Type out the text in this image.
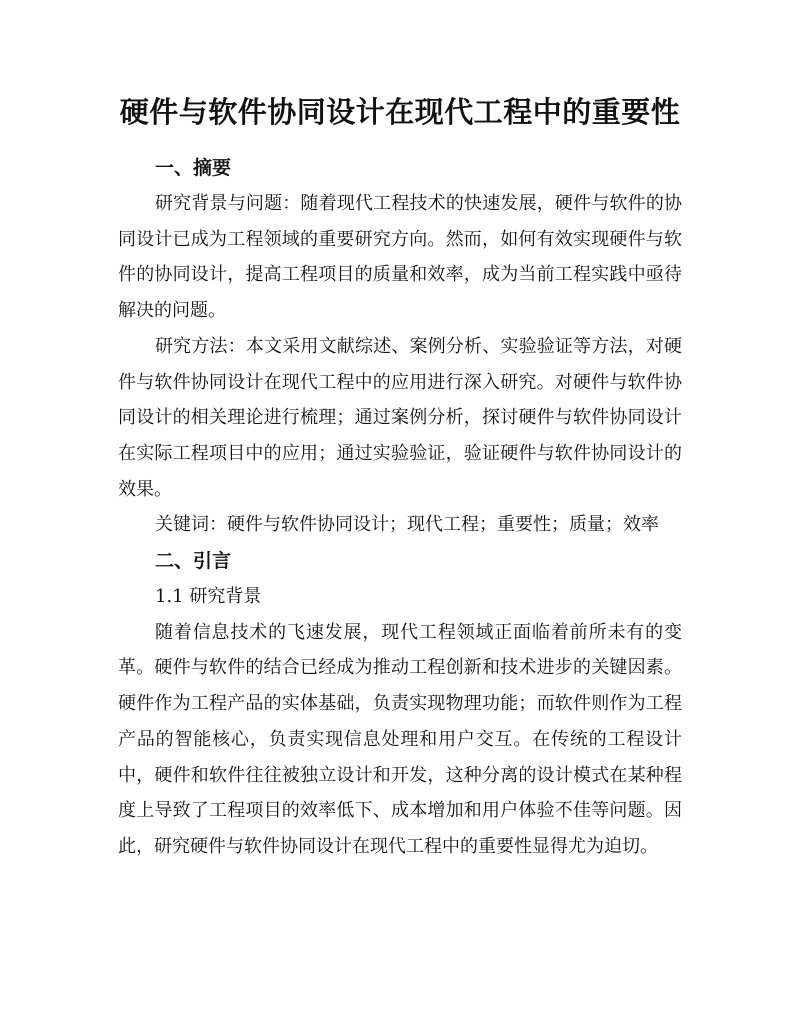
硬件与软件协同设计在现代工程中的重要性
一、摘要

研究背景与问题：随着现代工程技术的快速发展，硬件与软件的协同设计已成为工程领域的重要研究方向。然而，如何有效实现硬件与软件的协同设计，提高工程项目的质量和效率，成为当前工程实践中亟待解决的问题。

研究方法：本文采用文献综述、案例分析、实验验证等方法，对硬件与软件协同设计在现代工程中的应用进行深入研究。对硬件与软件协同设计的相关理论进行梳理；通过案例分析，探讨硬件与软件协同设计在实际工程项目中的应用；通过实验验证，验证硬件与软件协同设计的效果。

关键词：硬件与软件协同设计；现代工程；重要性；质量；效率

二、引言

1.1 研究背景

随着信息技术的飞速发展，现代工程领域正面临着前所未有的变革。硬件与软件的结合已经成为推动工程创新和技术进步的关键因素。硬件作为工程产品的实体基础，负责实现物理功能；而软件则作为工程产品的智能核心，负责实现信息处理和用户交互。在传统的工程设计中，硬件和软件往往被独立设计和开发，这种分离的设计模式在某种程度上导致了工程项目的效率低下、成本增加和用户体验不佳等问题。因此，研究硬件与软件协同设计在现代工程中的重要性显得尤为迫切。
